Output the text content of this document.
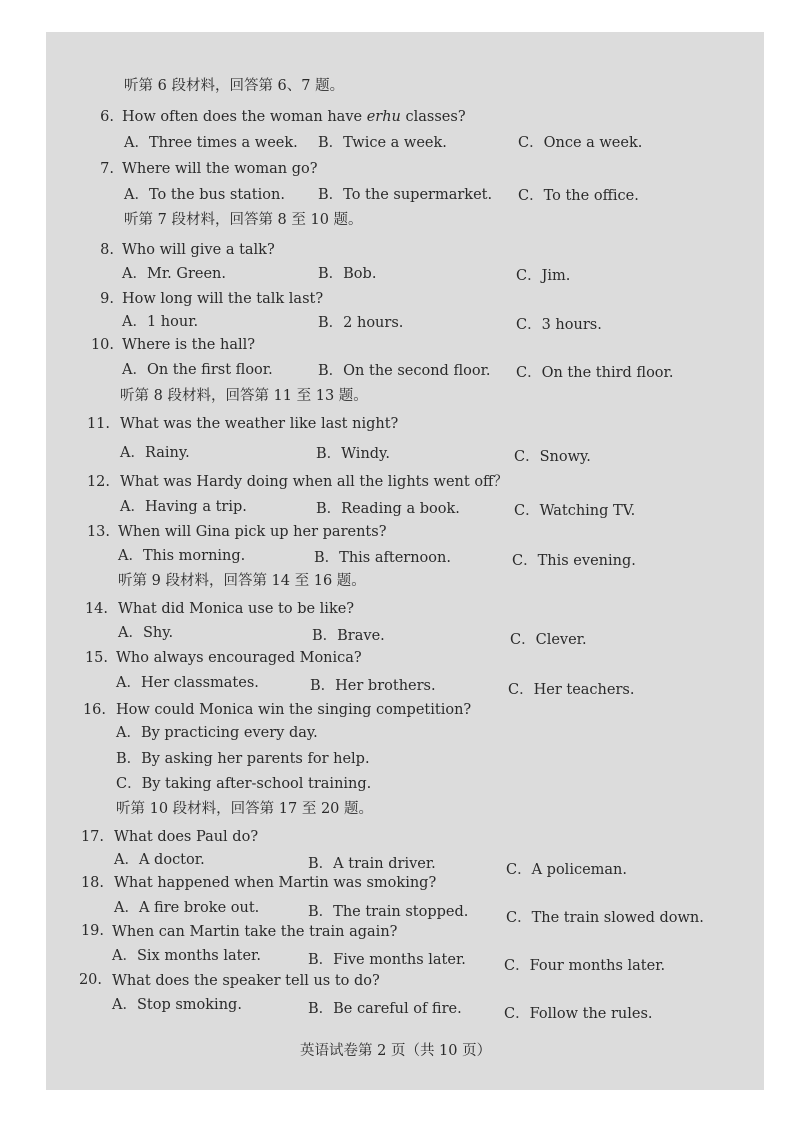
听第 6 段材料，回答第 6、7 题。
6. How often does the woman have erhu classes?
A．Three times a week. B．Twice a week.	C．Once a week.
7. Where will the woman go?
A．To the bus station. B．To the supermarket. C．To the office.
听第 7 段材料，回答第 8 至 10 题。
8. Who will give a talk?
A．Mr. Green.	B．Bob.	C．Jim.
9. How long will the talk last?
A．1 hour.	B．2 hours.	C．3 hours.
10. Where is the hall?
A．On the first floor.	B．On the second floor. C．On the third floor.
听第 8 段材料，回答第 11 至 13 题。
11. What was the weather like last night?
A．Rainy.	B．Windy.	C．Snowy.
12. What was Hardy doing when all the lights went off？
A．Having a trip.	B．Reading a book.	C．Watching TV.
13. When will Gina pick up her parents?
A．This morning.	B．This afternoon.	C．This evening.
听第 9 段材料，回答第 14 至 16 题。
14. What did Monica use to be like?
A．Shy.	B．Brave.	C．Clever.
15. Who always encouraged Monica?
A．Her classmates.	B．Her brothers.	C．Her teachers.
16. How could Monica win the singing competition?
A．By practicing every day.
B．By asking her parents for help.
C．By taking after-school training.
听第 10 段材料，回答第 17 至 20 题。
17. What does Paul do?
A．A doctor.	B．A train driver.	C．A policeman.
18. What happened when Martin was smoking?
A．A fire broke out.	B．The train stopped.	C．The train slowed down.
19. When can Martin take the train again?
A．Six months later.	B．Five months later.	C．Four months later.
20. What does the speaker tell us to do?
A．Stop smoking.	B．Be careful of fire.	C．Follow the rules.
英语试卷第 2 页（共 10 页）
